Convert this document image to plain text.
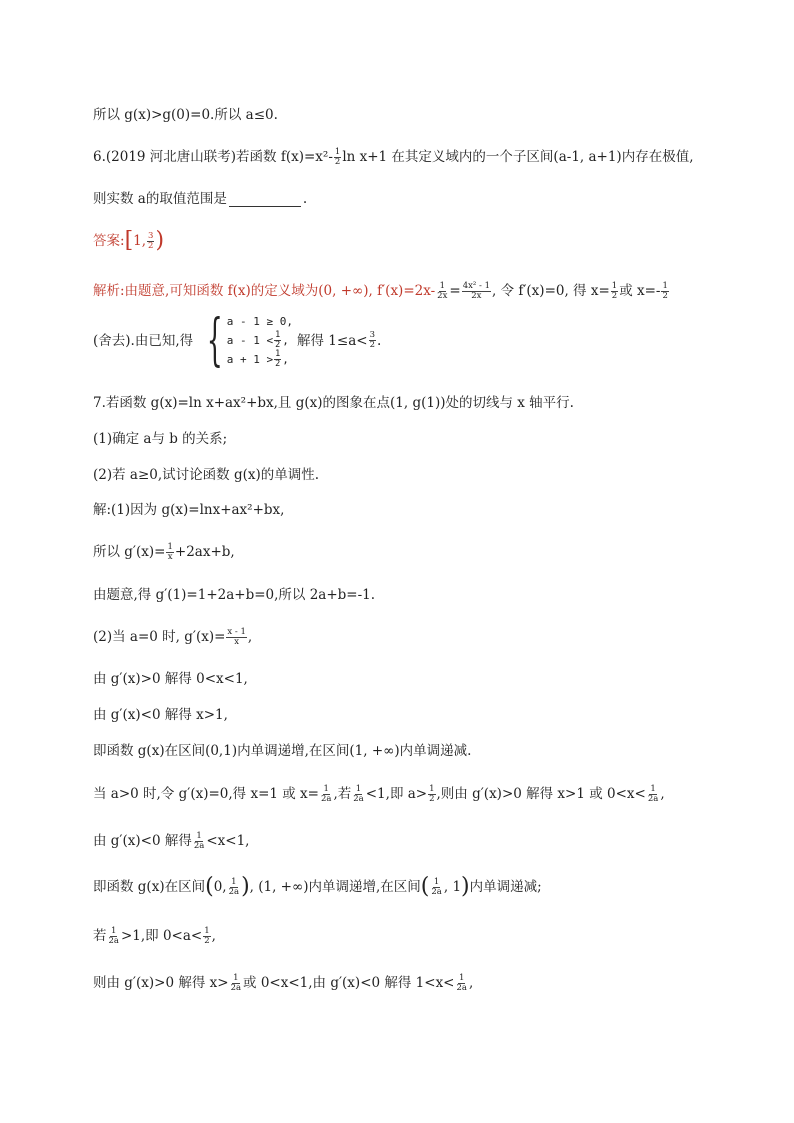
所以 g(x)>g(0)=0.所以 a≤0.
6.(2019 河北唐山联考)若函数 $f(x)=x^2- \frac{1}{2}$ ln x+1 在其定义域内的一个子区间(a-1, a+1)内存在极值,
则实数 a的取值范围是	.
答案: [ 1, $\frac{3}{2}$ )
解析:由题意,可知函数 f(x)的定义域为(0, +∞), $f'(x)=2x- \frac{1}{2x} = \frac{\text{4x² - 1}}{2x}$ , 令 f′(x)=0, 得 $x= \frac{1}{2}$ 或 $x=- \frac{1}{2}$
(舍去).由已知,得 { a - 1 ≥ 0,
$a - 1 < \frac{1}{2}$ ,
$a + 1 > \frac{1}{2}$ ,
解得 $1\le a< \frac{3}{2}$ .
7.若函数 g(x)=ln x+ax²+bx,且 g(x)的图象在点(1, g(1))处的切线与 x 轴平行.
(1)确定 a与 b 的关系;
(2)若 a≥0,试讨论函数 g(x)的单调性.
解:(1)因为 g(x)=lnx+ax²+bx,
所以 $g'(x)= \frac{1}{x} +2ax+b$,
由题意,得 g′(1)=1+2a+b=0,所以 2a+b=-1.
(2)当 a=0 时, $g'(x)= \frac{x - 1}{x}$ ,
由 g′(x)>0 解得 0<x<1,
由 g′(x)<0 解得 x>1,
即函数 g(x)在区间(0,1)内单调递增,在区间(1, +∞)内单调递减.
当 a>0 时,令 g′(x)=0,得 x=1 或 $x= \frac{1}{2a}$ ,若 $\frac{1}{2a} <1$,即 $a> \frac{1}{2}$ ,则由 g′(x)>0 解得 x>1 或 $0<x< \frac{1}{2a}$ ,
由 g′(x)<0 解得 $\frac{1}{2a} <x<1$,
即函数 g(x)在区间 ( 0, $\frac{1}{2a}$ ) , (1, +∞)内单调递增,在区间 ( $\frac{1}{2a}$ , 1 ) 内单调递减;
若 $\frac{1}{2a} >1$,即 $0<a< \frac{1}{2}$ ,
则由 g′(x)>0 解得 $x> \frac{1}{2a}$ 或 0<x<1,由 g′(x)<0 解得 $1<x< \frac{1}{2a}$ ,
